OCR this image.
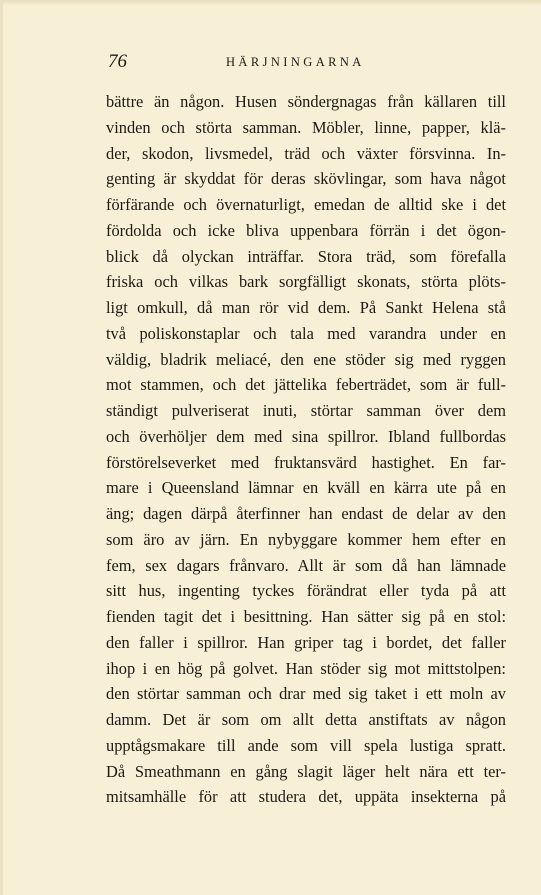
76	HÄRJNINGARNA
bättre än någon. Husen söndergnagas från källaren till
vinden och störta samman. Möbler, linne, papper, klä-
der, skodon, livsmedel, träd och växter försvinna. In-
genting är skyddat för deras skövlingar, som hava något
förfärande och övernaturligt, emedan de alltid ske i det
fördolda och icke bliva uppenbara förrän i det ögon-
blick då olyckan inträffar. Stora träd, som förefalla
friska och vilkas bark sorgfälligt skonats, störta plöts-
ligt omkull, då man rör vid dem. På Sankt Helena stå
två poliskonstaplar och tala med varandra under en
väldig, bladrik meliacé, den ene stöder sig med ryggen
mot stammen, och det jättelika feberträdet, som är full-
ständigt pulveriserat inuti, störtar samman över dem
och överhöljer dem med sina spillror. Ibland fullbordas
förstörelseverket med fruktansvärd hastighet. En far-
mare i Queensland lämnar en kväll en kärra ute på en
äng; dagen därpå återfinner han endast de delar av den
som äro av järn. En nybyggare kommer hem efter en
fem, sex dagars frånvaro. Allt är som då han lämnade
sitt hus, ingenting tyckes förändrat eller tyda på att
fienden tagit det i besittning. Han sätter sig på en stol:
den faller i spillror. Han griper tag i bordet, det faller
ihop i en hög på golvet. Han stöder sig mot mittstolpen:
den störtar samman och drar med sig taket i ett moln av
damm. Det är som om allt detta anstiftats av någon
upptågsmakare till ande som vill spela lustiga spratt.
Då Smeathmann en gång slagit läger helt nära ett ter-
mitsamhälle för att studera det, uppäta insekterna på
